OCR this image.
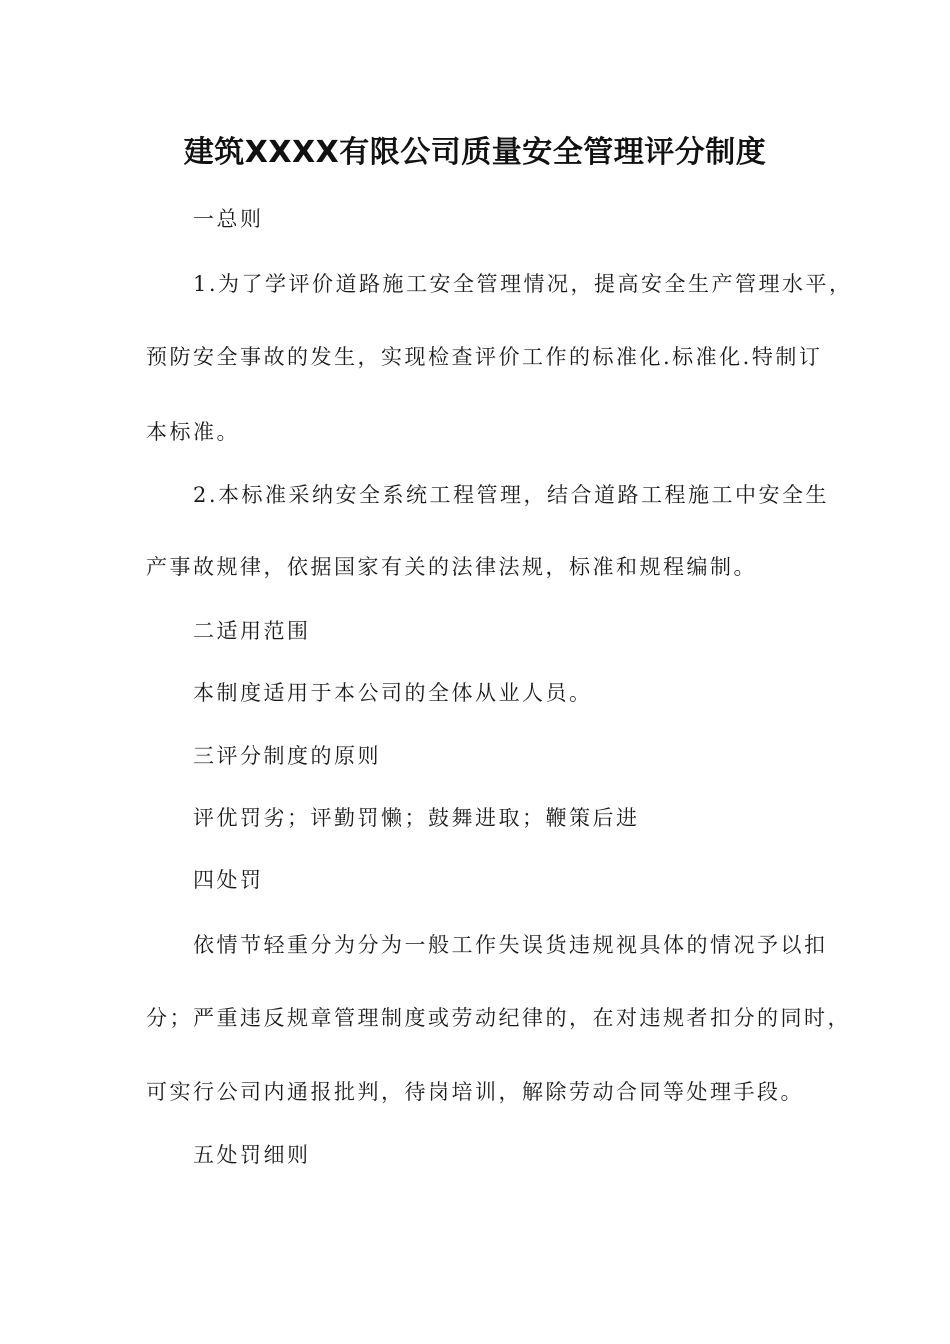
建筑XXXX有限公司质量安全管理评分制度

一总则

1.为了学评价道路施工安全管理情况，提高安全生产管理水平，

预防安全事故的发生，实现检查评价工作的标准化.标准化.特制订

本标准。

2.本标准采纳安全系统工程管理，结合道路工程施工中安全生

产事故规律，依据国家有关的法律法规，标准和规程编制。

二适用范围

本制度适用于本公司的全体从业人员。

三评分制度的原则

评优罚劣；评勤罚懒；鼓舞进取；鞭策后进

四处罚

依情节轻重分为分为一般工作失误货违规视具体的情况予以扣

分；严重违反规章管理制度或劳动纪律的，在对违规者扣分的同时，

可实行公司内通报批判，待岗培训，解除劳动合同等处理手段。

五处罚细则
